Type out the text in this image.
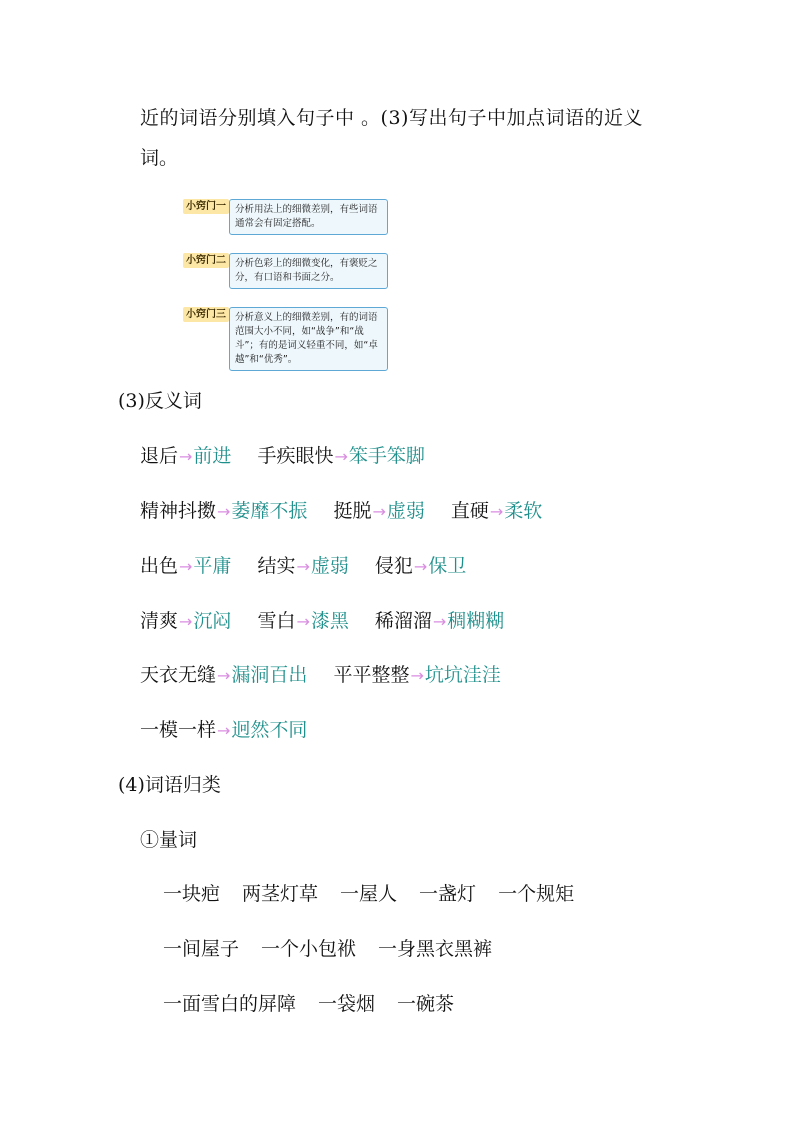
近的词语分别填入句子中 。(3)写出句子中加点词语的近义
词。
小窍门一 分析用法上的细微差别，有些词语通常会有固定搭配。
小窍门二 分析色彩上的细微变化，有褒贬之分，有口语和书面之分。
小窍门三 分析意义上的细微差别，有的词语范围大小不同，如“战争”和“战斗”；有的是词义轻重不同，如“卓越”和“优秀”。
(3)反义词
退后→前进 手疾眼快→笨手笨脚
精神抖擞→萎靡不振 挺脱→虚弱 直硬→柔软
出色→平庸 结实→虚弱 侵犯→保卫
清爽→沉闷 雪白→漆黑 稀溜溜→稠糊糊
天衣无缝→漏洞百出 平平整整→坑坑洼洼
一模一样→迥然不同
(4)词语归类
①量词
一块疤 两茎灯草 一屋人 一盏灯 一个规矩
一间屋子 一个小包袱 一身黑衣黑裤
一面雪白的屏障 一袋烟 一碗茶
